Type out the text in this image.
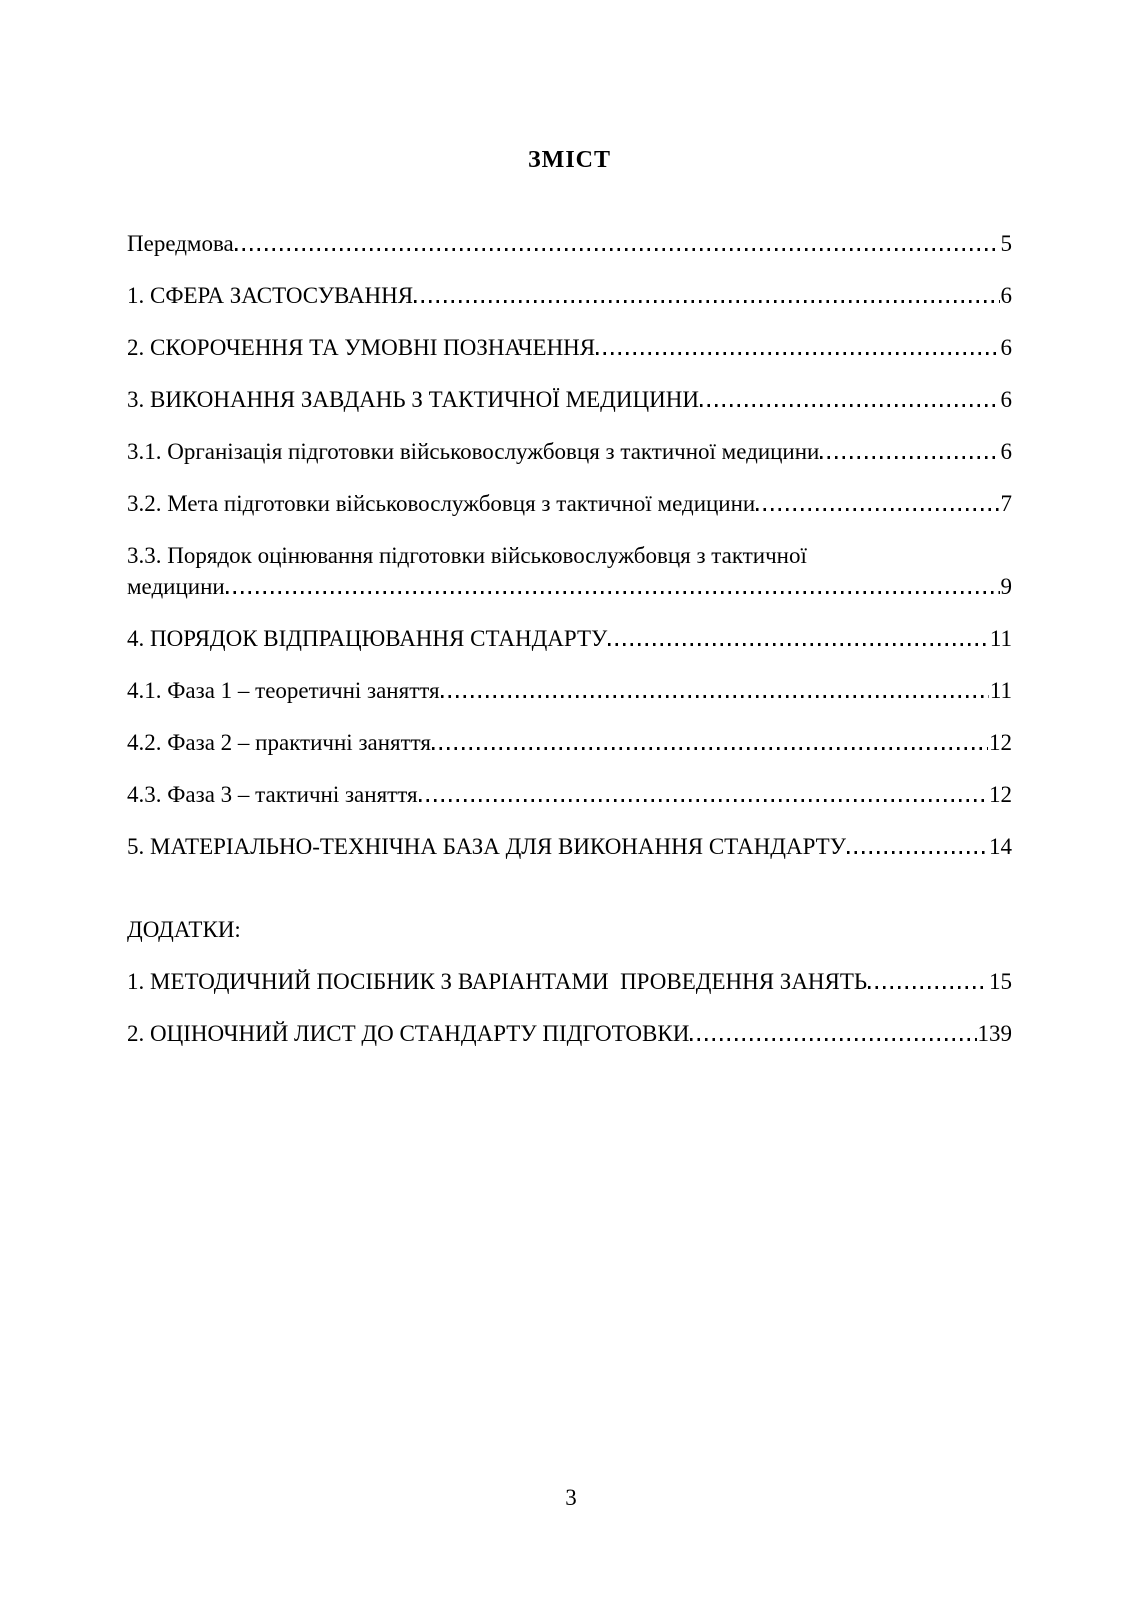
ЗМІСТ
Передмова	5
1. СФЕРА ЗАСТОСУВАННЯ	6
2. СКОРОЧЕННЯ ТА УМОВНІ ПОЗНАЧЕННЯ	6
3. ВИКОНАННЯ ЗАВДАНЬ З ТАКТИЧНОЇ МЕДИЦИНИ	6
3.1. Організація підготовки військовослужбовця з тактичної медицини	6
3.2. Мета підготовки військовослужбовця з тактичної медицини	7
3.3. Порядок оцінювання підготовки військовослужбовця з тактичної
медицини	9
4. ПОРЯДОК ВІДПРАЦЮВАННЯ СТАНДАРТУ	11
4.1. Фаза 1 – теоретичні заняття	11
4.2. Фаза 2 – практичні заняття	12
4.3. Фаза 3 – тактичні заняття	12
5. МАТЕРІАЛЬНО-ТЕХНІЧНА БАЗА ДЛЯ ВИКОНАННЯ СТАНДАРТУ	14
ДОДАТКИ:
1. МЕТОДИЧНИЙ ПОСІБНИК З ВАРІАНТАМИ  ПРОВЕДЕННЯ ЗАНЯТЬ	15
2. ОЦІНОЧНИЙ ЛИСТ ДО СТАНДАРТУ ПІДГОТОВКИ	139
3
